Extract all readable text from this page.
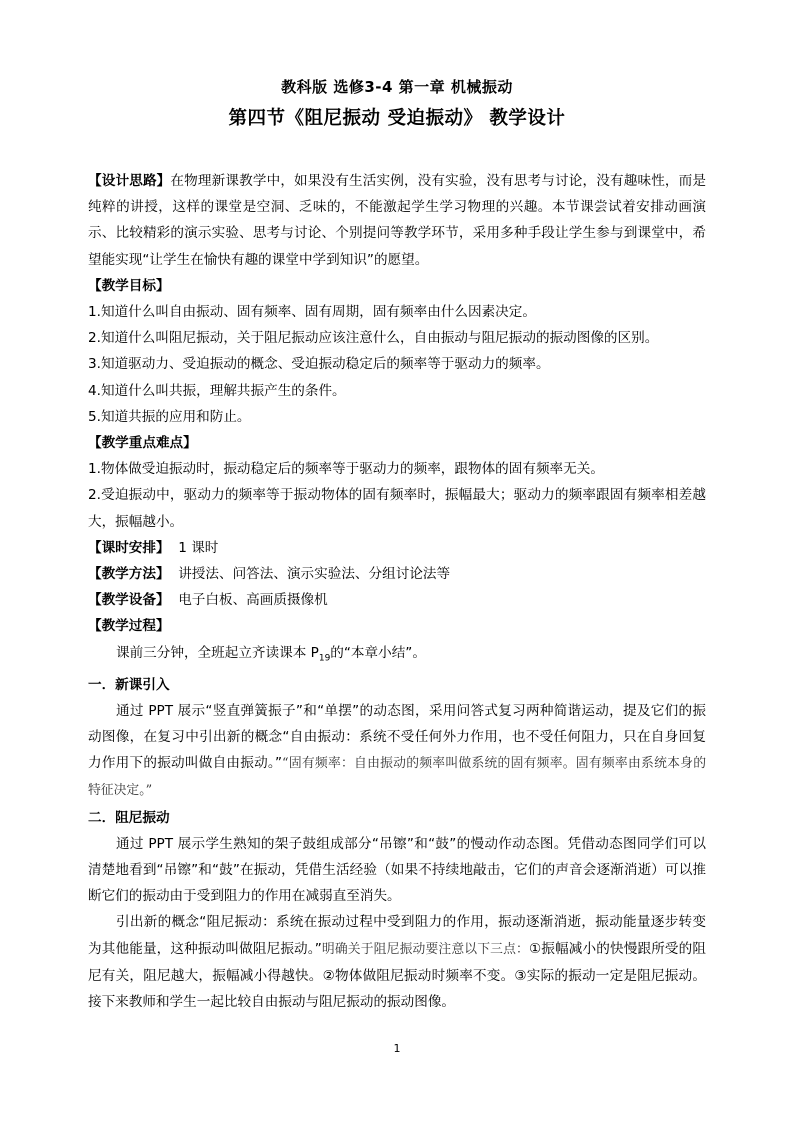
教科版 选修3-4 第一章 机械振动
第四节《阻尼振动 受迫振动》 教学设计

【设计思路】在物理新课教学中，如果没有生活实例，没有实验，没有思考与讨论，没有趣味性，而是纯粹的讲授，这样的课堂是空洞、乏味的，不能激起学生学习物理的兴趣。本节课尝试着安排动画演示、比较精彩的演示实验、思考与讨论、个别提问等教学环节，采用多种手段让学生参与到课堂中，希望能实现“让学生在愉快有趣的课堂中学到知识”的愿望。

【教学目标】

1.知道什么叫自由振动、固有频率、固有周期，固有频率由什么因素决定。

2.知道什么叫阻尼振动，关于阻尼振动应该注意什么，自由振动与阻尼振动的振动图像的区别。

3.知道驱动力、受迫振动的概念、受迫振动稳定后的频率等于驱动力的频率。

4.知道什么叫共振，理解共振产生的条件。

5.知道共振的应用和防止。

【教学重点难点】

1.物体做受迫振动时，振动稳定后的频率等于驱动力的频率，跟物体的固有频率无关。

2.受迫振动中，驱动力的频率等于振动物体的固有频率时，振幅最大；驱动力的频率跟固有频率相差越大，振幅越小。

【课时安排】 1 课时

【教学方法】 讲授法、问答法、演示实验法、分组讨论法等

【教学设备】 电子白板、高画质摄像机

【教学过程】

课前三分钟，全班起立齐读课本 $P_{19}$的“本章小结”。

一．新课引入

通过 PPT 展示“竖直弹簧振子”和“单摆”的动态图，采用问答式复习两种简谐运动，提及它们的振动图像，在复习中引出新的概念“自由振动：系统不受任何外力作用，也不受任何阻力，只在自身回复力作用下的振动叫做自由振动。”“固有频率：自由振动的频率叫做系统的固有频率。固有频率由系统本身的特征决定。”

二．阻尼振动

通过 PPT 展示学生熟知的架子鼓组成部分“吊镲”和“鼓”的慢动作动态图。凭借动态图同学们可以清楚地看到“吊镲”和“鼓”在振动，凭借生活经验（如果不持续地敲击，它们的声音会逐渐消逝）可以推断它们的振动由于受到阻力的作用在减弱直至消失。

引出新的概念“阻尼振动：系统在振动过程中受到阻力的作用，振动逐渐消逝，振动能量逐步转变为其他能量，这种振动叫做阻尼振动。”明确关于阻尼振动要注意以下三点：①振幅减小的快慢跟所受的阻尼有关，阻尼越大，振幅减小得越快。②物体做阻尼振动时频率不变。③实际的振动一定是阻尼振动。接下来教师和学生一起比较自由振动与阻尼振动的振动图像。

1
